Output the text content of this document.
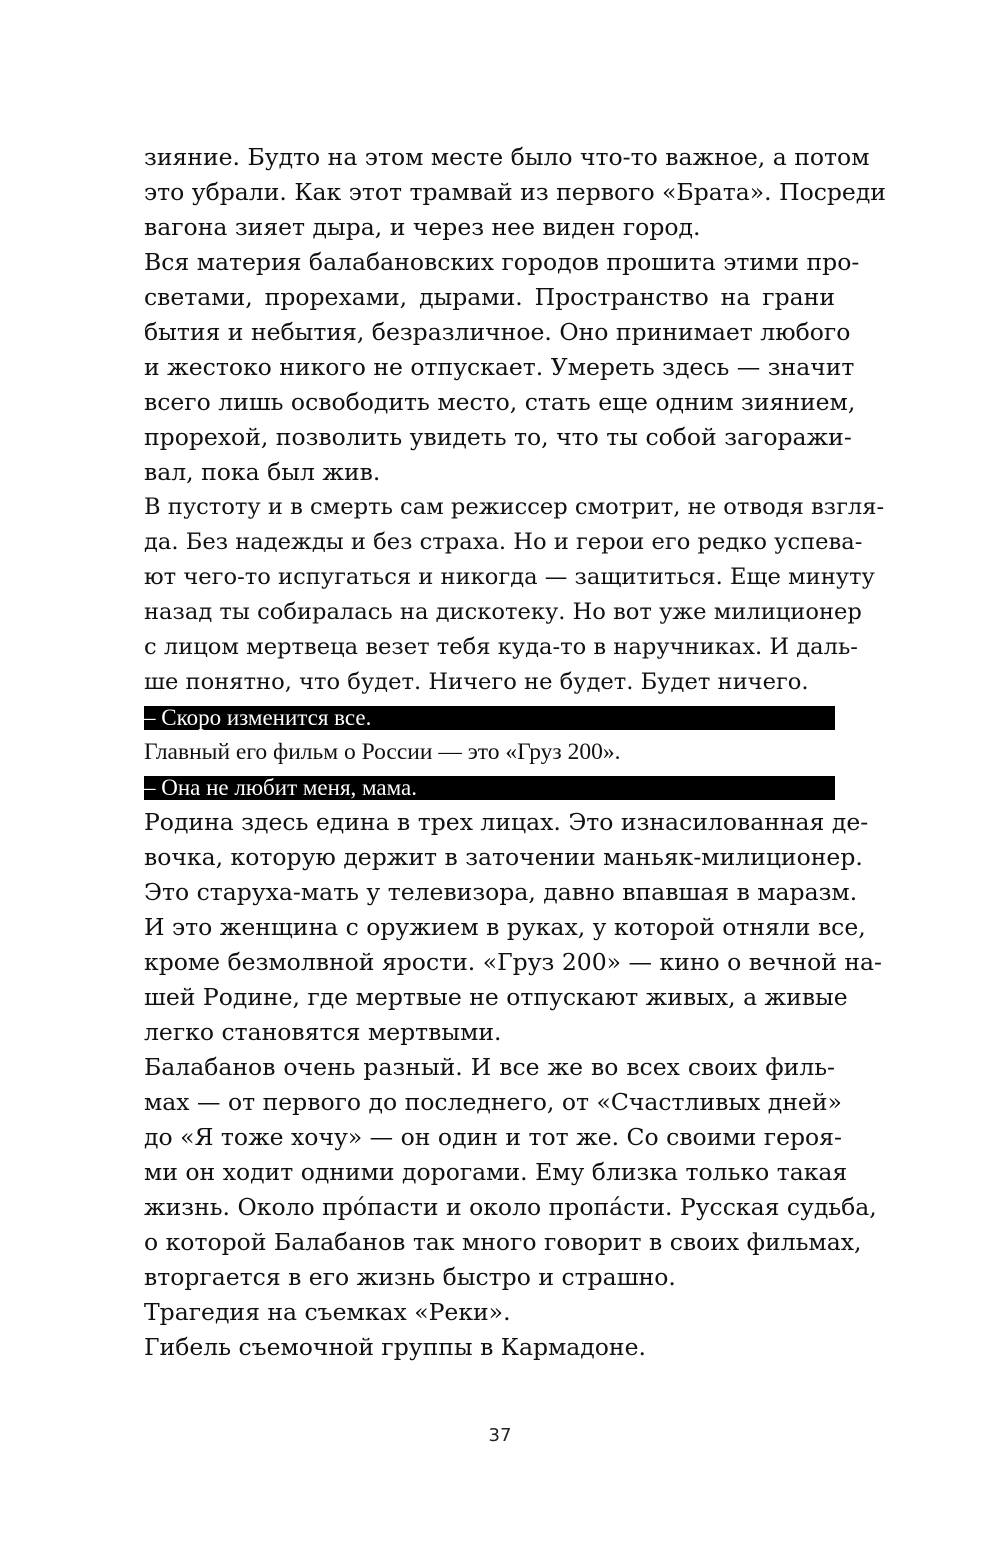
зияние. Будто на этом месте было что-то важное, а потом
это убрали. Как этот трамвай из первого «Брата». Посреди
вагона зияет дыра, и через нее виден город.
Вся материя балабановских городов прошита этими про-
светами, прорехами, дырами. Пространство на грани
бытия и небытия, безразличное. Оно принимает любого
и жестоко никого не отпускает. Умереть здесь — значит
всего лишь освободить место, стать еще одним зиянием,
прорехой, позволить увидеть то, что ты собой загоражи-
вал, пока был жив.
В пустоту и в смерть сам режиссер смотрит, не отводя взгля-
да. Без надежды и без страха. Но и герои его редко успева-
ют чего-то испугаться и никогда — защититься. Еще минуту
назад ты собиралась на дискотеку. Но вот уже милиционер
с лицом мертвеца везет тебя куда-то в наручниках. И даль-
ше понятно, что будет. Ничего не будет. Будет ничего.
– Скоро изменится все.
Главный его фильм о России — это «Груз 200».
– Она не любит меня, мама.
Родина здесь едина в трех лицах. Это изнасилованная де-
вочка, которую держит в заточении маньяк-милиционер.
Это старуха-мать у телевизора, давно впавшая в маразм.
И это женщина с оружием в руках, у которой отняли все,
кроме безмолвной ярости. «Груз 200» — кино о вечной на-
шей Родине, где мертвые не отпускают живых, а живые
легко становятся мертвыми.
Балабанов очень разный. И все же во всех своих филь-
мах — от первого до последнего, от «Счастливых дней»
до «Я тоже хочу» — он один и тот же. Со своими героя-
ми он ходит одними дорогами. Ему близка только такая
жизнь. Около про́пасти и около пропа́сти. Русская судьба,
о которой Балабанов так много говорит в своих фильмах,
вторгается в его жизнь быстро и страшно.
Трагедия на съемках «Реки».
Гибель съемочной группы в Кармадоне.
37
